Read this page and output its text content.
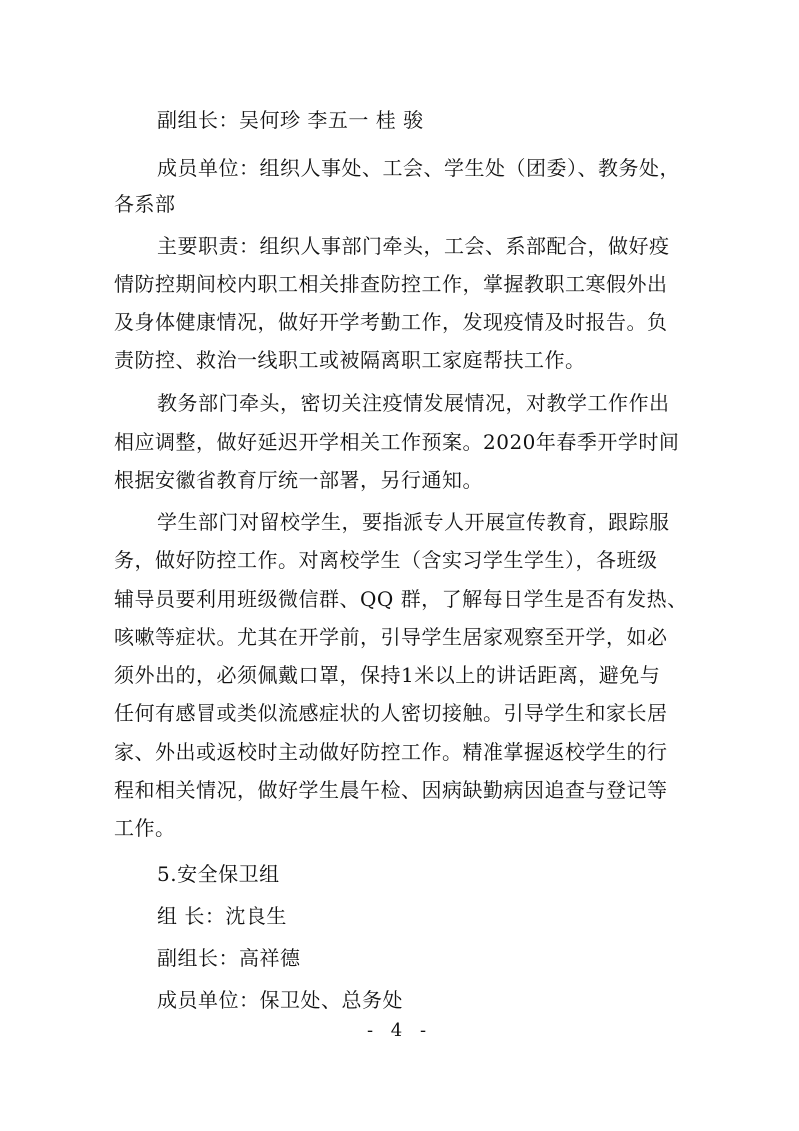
副组长：吴何珍 李五一 桂 骏
成员单位：组织人事处、工会、学生处（团委）、教务处，
各系部
主要职责：组织人事部门牵头，工会、系部配合，做好疫
情防控期间校内职工相关排查防控工作，掌握教职工寒假外出
及身体健康情况，做好开学考勤工作，发现疫情及时报告。负
责防控、救治一线职工或被隔离职工家庭帮扶工作。
教务部门牵头，密切关注疫情发展情况，对教学工作作出
相应调整，做好延迟开学相关工作预案。2020年春季开学时间
根据安徽省教育厅统一部署，另行通知。
学生部门对留校学生，要指派专人开展宣传教育，跟踪服
务，做好防控工作。对离校学生（含实习学生学生），各班级
辅导员要利用班级微信群、QQ 群，了解每日学生是否有发热、
咳嗽等症状。尤其在开学前，引导学生居家观察至开学，如必
须外出的，必须佩戴口罩，保持1米以上的讲话距离，避免与
任何有感冒或类似流感症状的人密切接触。引导学生和家长居
家、外出或返校时主动做好防控工作。精准掌握返校学生的行
程和相关情况，做好学生晨午检、因病缺勤病因追查与登记等
工作。
5.安全保卫组
组 长：沈良生
副组长：高祥德
成员单位：保卫处、总务处
- 4 -
